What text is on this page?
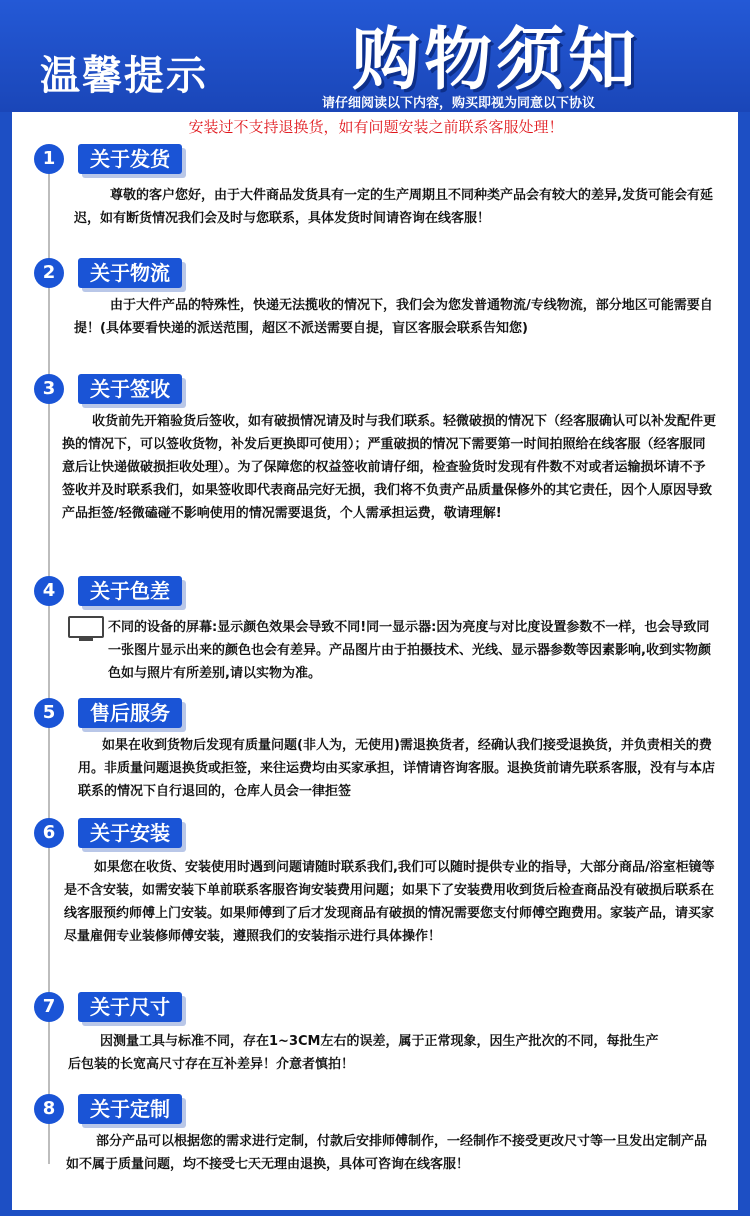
温馨提示 购物须知
请仔细阅读以下内容，购买即视为同意以下协议
安装过不支持退换货，如有问题安装之前联系客服处理！
1	关于发货
尊敬的客户您好，由于大件商品发货具有一定的生产周期且不同种类产品会有较大的差异,发货可能会有延迟，如有断货情况我们会及时与您联系，具体发货时间请咨询在线客服！
2	关于物流
由于大件产品的特殊性，快递无法揽收的情况下，我们会为您发普通物流/专线物流，部分地区可能需要自提！(具体要看快递的派送范围，超区不派送需要自提，盲区客服会联系告知您)
3	关于签收
收货前先开箱验货后签收，如有破损情况请及时与我们联系。轻微破损的情况下（经客服确认可以补发配件更换的情况下，可以签收货物，补发后更换即可使用）；严重破损的情况下需要第一时间拍照给在线客服（经客服同意后让快递做破损拒收处理）。为了保障您的权益签收前请仔细，检查验货时发现有件数不对或者运输损坏请不予签收并及时联系我们，如果签收即代表商品完好无损，我们将不负责产品质量保修外的其它责任，因个人原因导致产品拒签/轻微磕碰不影响使用的情况需要退货，个人需承担运费，敬请理解!
4	关于色差
不同的设备的屏幕:显示颜色效果会导致不同!同一显示器:因为亮度与对比度设置参数不一样，也会导致同一张图片显示出来的颜色也会有差异。产品图片由于拍摄技术、光线、显示器参数等因素影响,收到实物颜色如与照片有所差别,请以实物为准。
5	售后服务
如果在收到货物后发现有质量问题(非人为，无使用)需退换货者，经确认我们接受退换货，并负责相关的费用。非质量问题退换货或拒签，来往运费均由买家承担，详情请咨询客服。退换货前请先联系客服，没有与本店联系的情况下自行退回的，仓库人员会一律拒签
6	关于安装
如果您在收货、安装使用时遇到问题请随时联系我们,我们可以随时提供专业的指导，大部分商品/浴室柜镜等是不含安装，如需安装下单前联系客服咨询安装费用问题；如果下了安装费用收到货后检查商品没有破损后联系在线客服预约师傅上门安装。如果师傅到了后才发现商品有破损的情况需要您支付师傅空跑费用。家装产品，请买家尽量雇佣专业装修师傅安装，遵照我们的安装指示进行具体操作！
7	关于尺寸
因测量工具与标准不同，存在1~3CM左右的误差，属于正常现象，因生产批次的不同，每批生产后包装的长宽高尺寸存在互补差异！介意者慎拍！
8	关于定制
部分产品可以根据您的需求进行定制，付款后安排师傅制作，一经制作不接受更改尺寸等一旦发出定制产品如不属于质量问题，均不接受七天无理由退换，具体可咨询在线客服！
